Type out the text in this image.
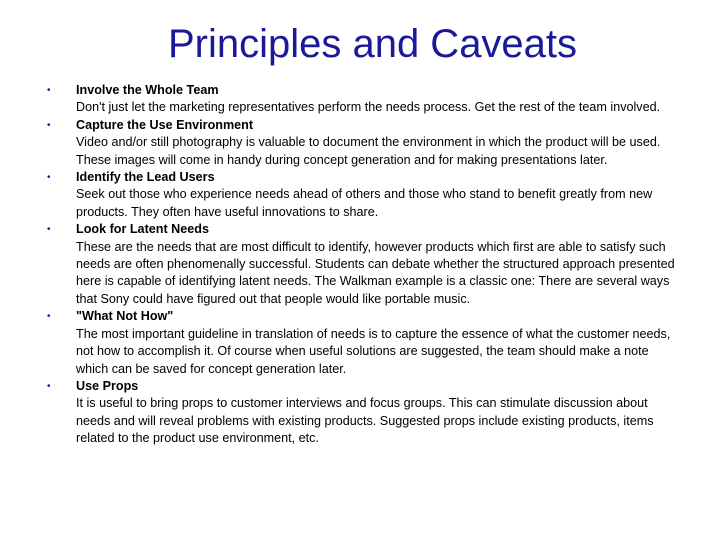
Principles and Caveats
•	Involve the Whole Team
Don't just let the marketing representatives perform the needs process. Get the rest of the team involved.
•	Capture the Use Environment
Video and/or still photography is valuable to document the environment in which the product will be used. These images will come in handy during concept generation and for making presentations later.
•	Identify the Lead Users
Seek out those who experience needs ahead of others and those who stand to benefit greatly from new products. They often have useful innovations to share.
•	Look for Latent Needs
These are the needs that are most difficult to identify, however products which first are able to satisfy such needs are often phenomenally successful. Students can debate whether the structured approach presented here is capable of identifying latent needs. The Walkman example is a classic one: There are several ways that Sony could have figured out that people would like portable music.
•	"What Not How"
The most important guideline in translation of needs is to capture the essence of what the customer needs, not how to accomplish it. Of course when useful solutions are suggested, the team should make a note which can be saved for concept generation later.
•	Use Props
It is useful to bring props to customer interviews and focus groups. This can stimulate discussion about needs and will reveal problems with existing products. Suggested props include existing products, items related to the product use environment, etc.
